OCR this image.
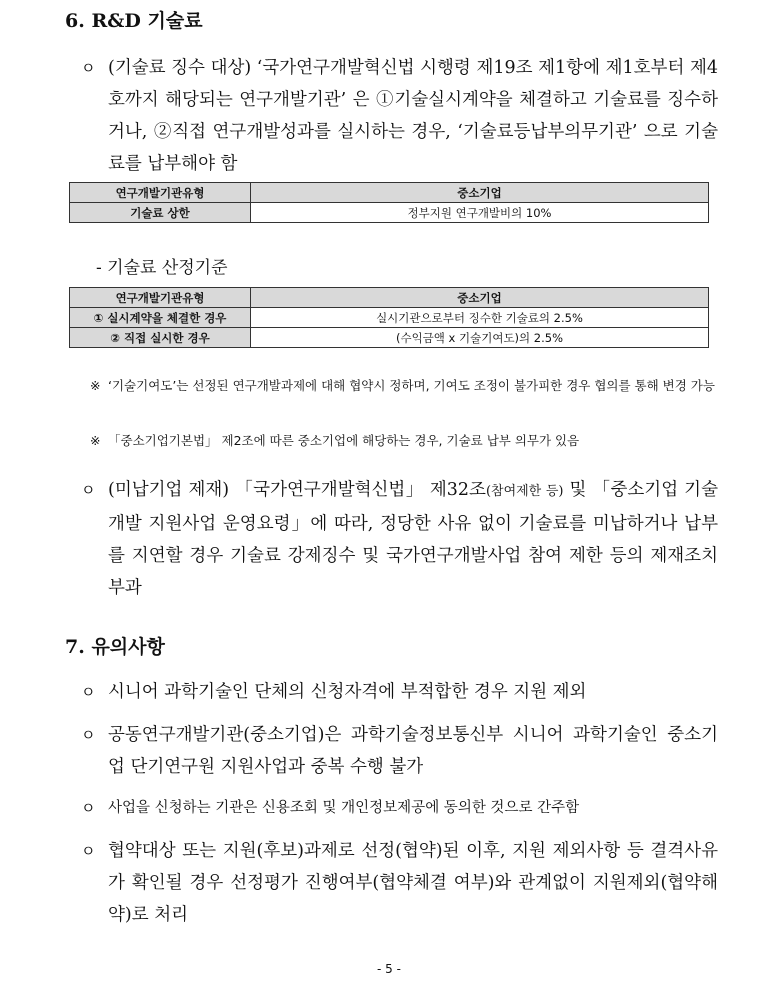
6. R&D 기술료
ㅇ (기술료 징수 대상) ‘국가연구개발혁신법 시행령 제19조 제1항에 제1호부터 제4호까지 해당되는 연구개발기관’ 은 ①기술실시계약을 체결하고 기술료를 징수하거나, ②직접 연구개발성과를 실시하는 경우, ‘기술료등납부의무기관’ 으로 기술료를 납부해야 함
연구개발기관유형	중소기업
기술료 상한	정부지원 연구개발비의 10%
- 기술료 산정기준
연구개발기관유형	중소기업
① 실시계약을 체결한 경우	실시기관으로부터 징수한 기술료의 2.5%
② 직접 실시한 경우	(수익금액 x 기술기여도)의 2.5%
※ ‘기술기여도’는 선정된 연구개발과제에 대해 협약시 정하며, 기여도 조정이 불가피한 경우 협의를 통해 변경 가능
※ 「중소기업기본법」 제2조에 따른 중소기업에 해당하는 경우, 기술료 납부 의무가 있음
ㅇ (미납기업 제재) 「국가연구개발혁신법」 제32조(참여제한 등) 및 「중소기업 기술개발 지원사업 운영요령」에 따라, 정당한 사유 없이 기술료를 미납하거나 납부를 지연할 경우 기술료 강제징수 및 국가연구개발사업 참여 제한 등의 제재조치 부과
7. 유의사항
ㅇ 시니어 과학기술인 단체의 신청자격에 부적합한 경우 지원 제외
ㅇ 공동연구개발기관(중소기업)은 과학기술정보통신부 시니어 과학기술인 중소기업 단기연구원 지원사업과 중복 수행 불가
ㅇ 사업을 신청하는 기관은 신용조회 및 개인정보제공에 동의한 것으로 간주함
ㅇ 협약대상 또는 지원(후보)과제로 선정(협약)된 이후, 지원 제외사항 등 결격사유가 확인될 경우 선정평가 진행여부(협약체결 여부)와 관계없이 지원제외(협약해약)로 처리
- 5 -
